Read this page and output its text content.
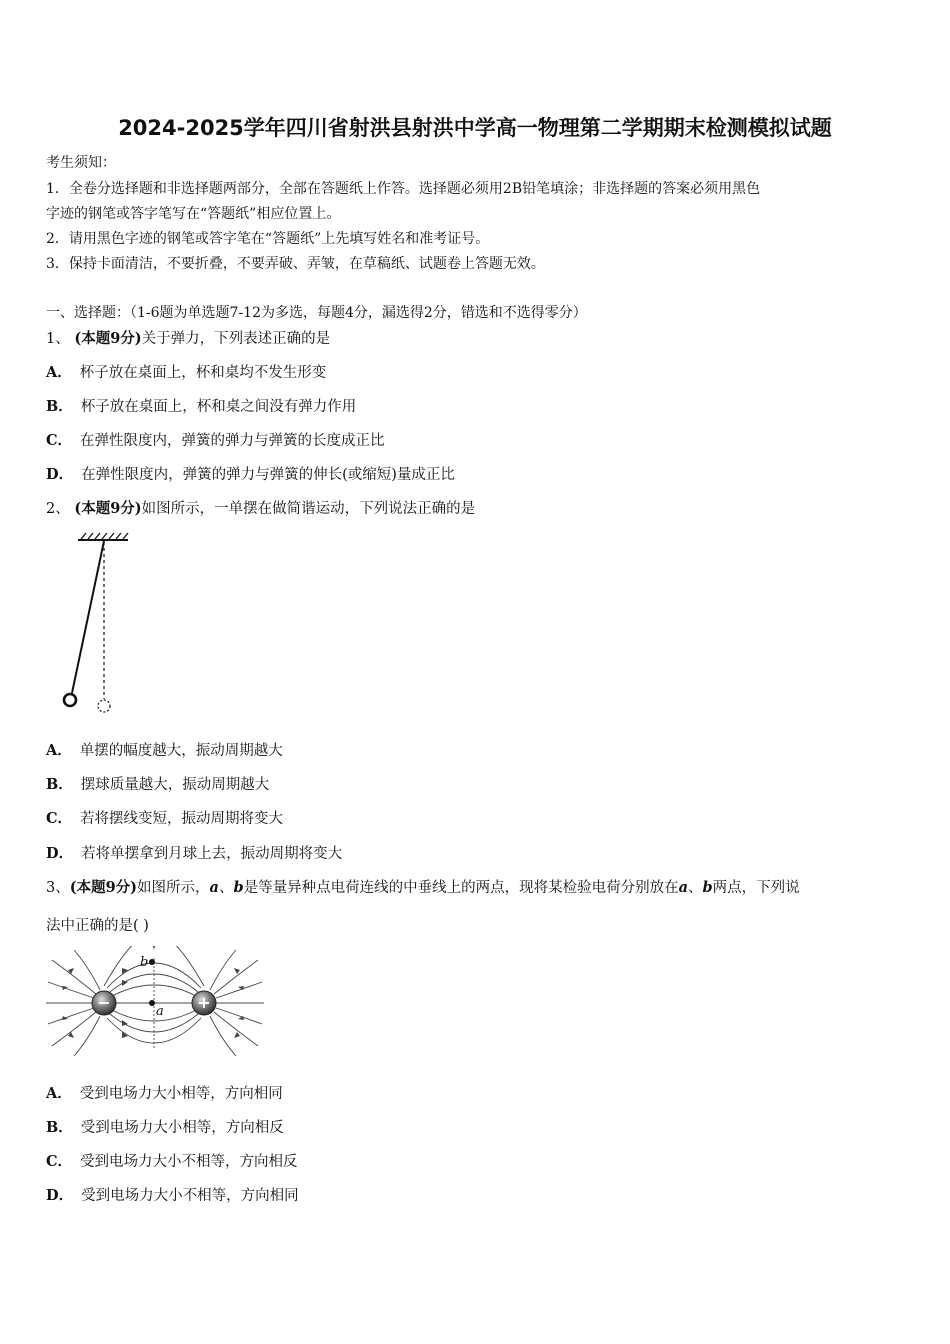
2024-2025学年四川省射洪县射洪中学高一物理第二学期期末检测模拟试题
考生须知：
1．全卷分选择题和非选择题两部分，全部在答题纸上作答。选择题必须用2B铅笔填涂；非选择题的答案必须用黑色
字迹的钢笔或答字笔写在“答题纸”相应位置上。
2．请用黑色字迹的钢笔或答字笔在“答题纸”上先填写姓名和准考证号。
3．保持卡面清洁，不要折叠，不要弄破、弄皱，在草稿纸、试题卷上答题无效。
一、选择题：（1-6题为单选题7-12为多选，每题4分，漏选得2分，错选和不选得零分）
1、 (本题9分)关于弹力，下列表述正确的是
A． 杯子放在桌面上，杯和桌均不发生形变
B． 杯子放在桌面上，杯和桌之间没有弹力作用
C． 在弹性限度内，弹簧的弹力与弹簧的长度成正比
D． 在弹性限度内，弹簧的弹力与弹簧的伸长(或缩短)量成正比
2、 (本题9分)如图所示，一单摆在做简谐运动，下列说法正确的是
A． 单摆的幅度越大，振动周期越大
B． 摆球质量越大，振动周期越大
C． 若将摆线变短，振动周期将变大
D． 若将单摆拿到月球上去，振动周期将变大
3、(本题9分)如图所示，a、b是等量异种点电荷连线的中垂线上的两点，现将某检验电荷分别放在a、b两点，下列说
法中正确的是( )
−	+
b
a
A． 受到电场力大小相等，方向相同
B． 受到电场力大小相等，方向相反
C． 受到电场力大小不相等，方向相反
D． 受到电场力大小不相等，方向相同
